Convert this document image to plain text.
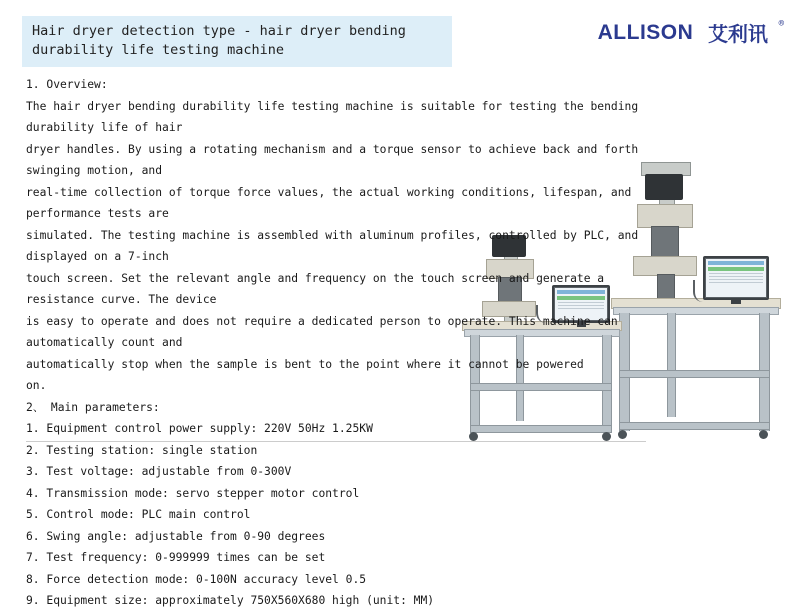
Hair dryer detection type - hair dryer bending durability life testing machine
ALLISON 艾利讯 ®
1. Overview:
The hair dryer bending durability life testing machine is suitable for testing the bending durability life of hair
dryer handles. By using a rotating mechanism and a torque sensor to achieve back and forth swinging motion, and
real-time collection of torque force values, the actual working conditions, lifespan, and performance tests are
simulated. The testing machine is assembled with aluminum profiles, controlled by PLC, and displayed on a 7-inch
touch screen. Set the relevant angle and frequency on the touch screen and generate a resistance curve. The device
is easy to operate and does not require a dedicated person to operate. This machine can automatically count and
automatically stop when the sample is bent to the point where it cannot be powered
on.
2、 Main parameters:
1. Equipment control power supply: 220V 50Hz 1.25KW
2. Testing station: single station
3. Test voltage: adjustable from 0-300V
4. Transmission mode: servo stepper motor control
5. Control mode: PLC main control
6. Swing angle: adjustable from 0-90 degrees
7. Test frequency: 0-999999 times can be set
8. Force detection mode: 0-100N accuracy level 0.5
9. Equipment size: approximately 750X560X680 high (unit: MM)
